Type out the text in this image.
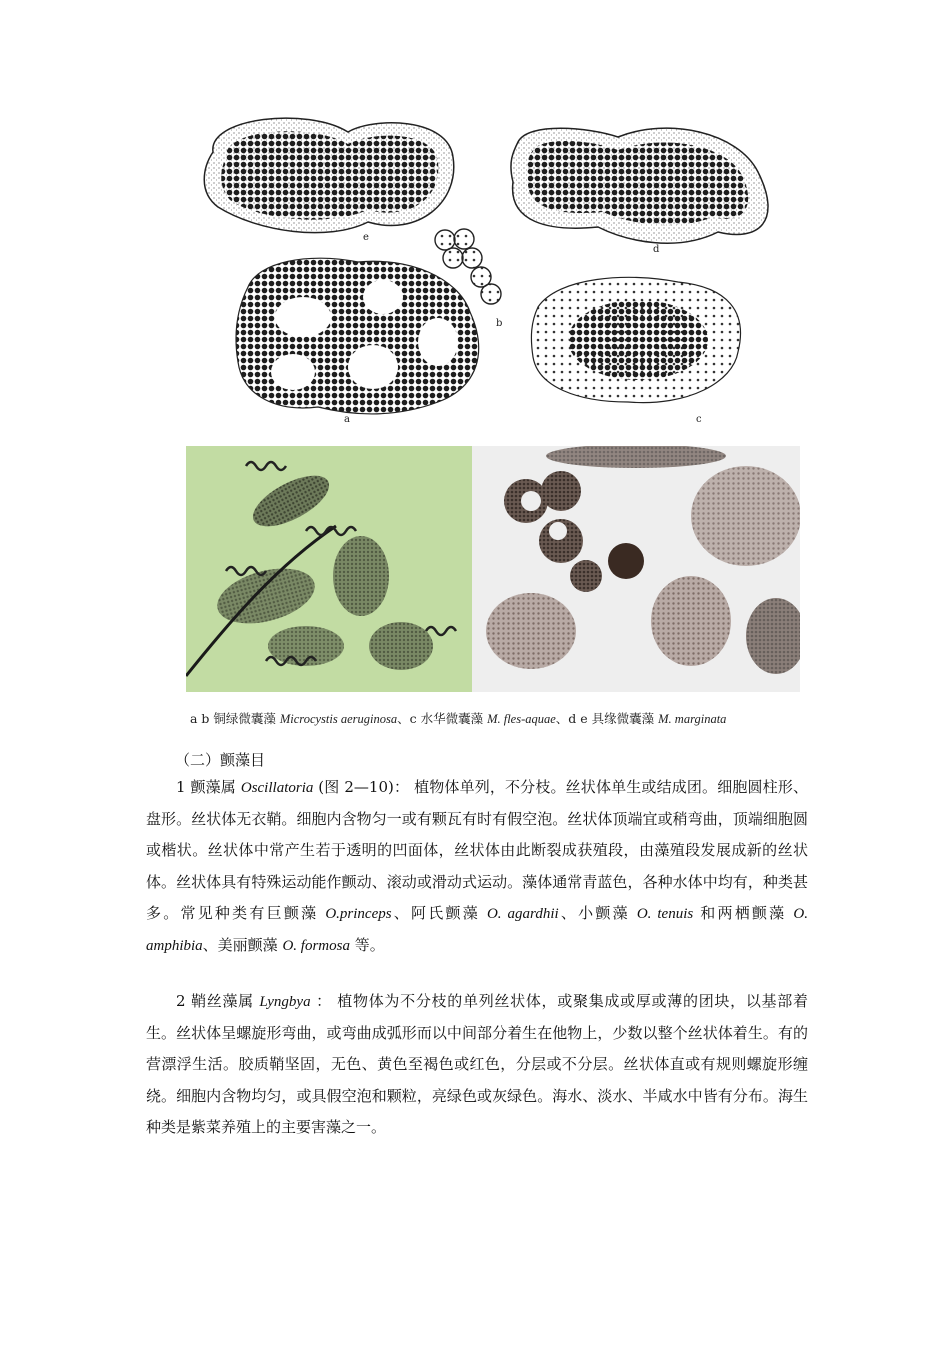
e
d
b
a	c
a b 铜绿微囊藻 Microcystis aeruginosa、c 水华微囊藻 M. fles-aquae、d e 具缘微囊藻 M. marginata
（二）颤藻目
1 颤藻属 Oscillatoria (图 2—10)： 植物体单列，不分枝。丝状体单生或结成团。细胞圆柱形、盘形。丝状体无衣鞘。细胞内含物匀一或有颗瓦有时有假空泡。丝状体顶端宜或稍弯曲，顶端细胞圆或楷状。丝状体中常产生若于透明的凹面体，丝状体由此断裂成获殖段，由藻殖段发展成新的丝状体。丝状体具有特殊运动能作颤动、滚动或滑动式运动。藻体通常青蓝色，各种水体中均有，种类甚多。常见种类有巨颤藻 O.princeps、阿氏颤藻 O. agardhii、小颤藻 O. tenuis 和两栖颤藻 O. amphibia、美丽颤藻 O. formosa 等。
2 鞘丝藻属 Lyngbya ： 植物体为不分枝的单列丝状体，或聚集成或厚或薄的团块，以基部着生。丝状体呈螺旋形弯曲，或弯曲成弧形而以中间部分着生在他物上，少数以整个丝状体着生。有的营漂浮生活。胶质鞘坚固，无色、黄色至褐色或红色，分层或不分层。丝状体直或有规则螺旋形缠绕。细胞内含物均匀，或具假空泡和颗粒，亮绿色或灰绿色。海水、淡水、半咸水中皆有分布。海生种类是紫菜养殖上的主要害藻之一。
